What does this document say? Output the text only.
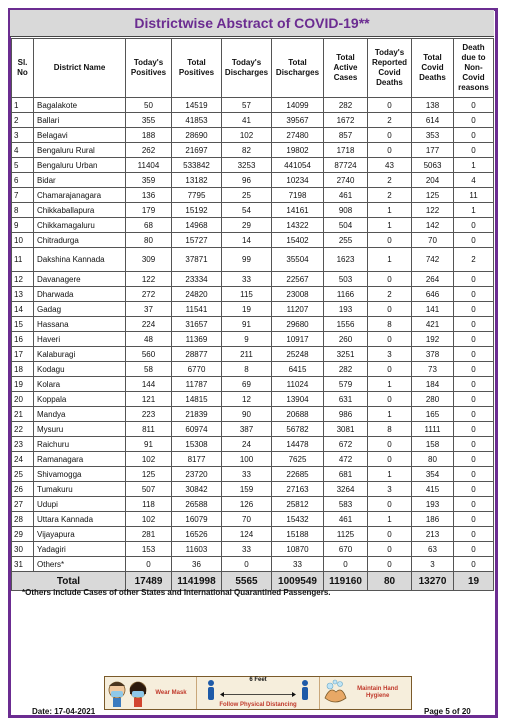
Districtwise Abstract of COVID-19**
Sl. No	District Name	Today's Positives	Total Positives	Today's Discharges	Total Discharges	Total Active Cases	Today's Reported Covid Deaths	Total Covid Deaths	Death due to Non-Covid reasons
1	Bagalakote	50	14519	57	14099	282	0	138	0
2	Ballari	355	41853	41	39567	1672	2	614	0
3	Belagavi	188	28690	102	27480	857	0	353	0
4	Bengaluru Rural	262	21697	82	19802	1718	0	177	0
5	Bengaluru Urban	11404	533842	3253	441054	87724	43	5063	1
6	Bidar	359	13182	96	10234	2740	2	204	4
7	Chamarajanagara	136	7795	25	7198	461	2	125	11
8	Chikkaballapura	179	15192	54	14161	908	1	122	1
9	Chikkamagaluru	68	14968	29	14322	504	1	142	0
10	Chitradurga	80	15727	14	15402	255	0	70	0
11	Dakshina Kannada	309	37871	99	35504	1623	1	742	2
12	Davanagere	122	23334	33	22567	503	0	264	0
13	Dharwada	272	24820	115	23008	1166	2	646	0
14	Gadag	37	11541	19	11207	193	0	141	0
15	Hassana	224	31657	91	29680	1556	8	421	0
16	Haveri	48	11369	9	10917	260	0	192	0
17	Kalaburagi	560	28877	211	25248	3251	3	378	0
18	Kodagu	58	6770	8	6415	282	0	73	0
19	Kolara	144	11787	69	11024	579	1	184	0
20	Koppala	121	14815	12	13904	631	0	280	0
21	Mandya	223	21839	90	20688	986	1	165	0
22	Mysuru	811	60974	387	56782	3081	8	1111	0
23	Raichuru	91	15308	24	14478	672	0	158	0
24	Ramanagara	102	8177	100	7625	472	0	80	0
25	Shivamogga	125	23720	33	22685	681	1	354	0
26	Tumakuru	507	30842	159	27163	3264	3	415	0
27	Udupi	118	26588	126	25812	583	0	193	0
28	Uttara Kannada	102	16079	70	15432	461	1	186	0
29	Vijayapura	281	16526	124	15188	1125	0	213	0
30	Yadagiri	153	11603	33	10870	670	0	63	0
31	Others*	0	36	0	33	0	0	3	0
Total		17489	1141998	5565	1009549	119160	80	13270	19
*Others include Cases of other States and International Quarantined Passengers.
Wear Mask
6 Feet
Follow Physical Distancing
Maintain Hand Hygiene
Date: 17-04-2021	Page 5 of 20
